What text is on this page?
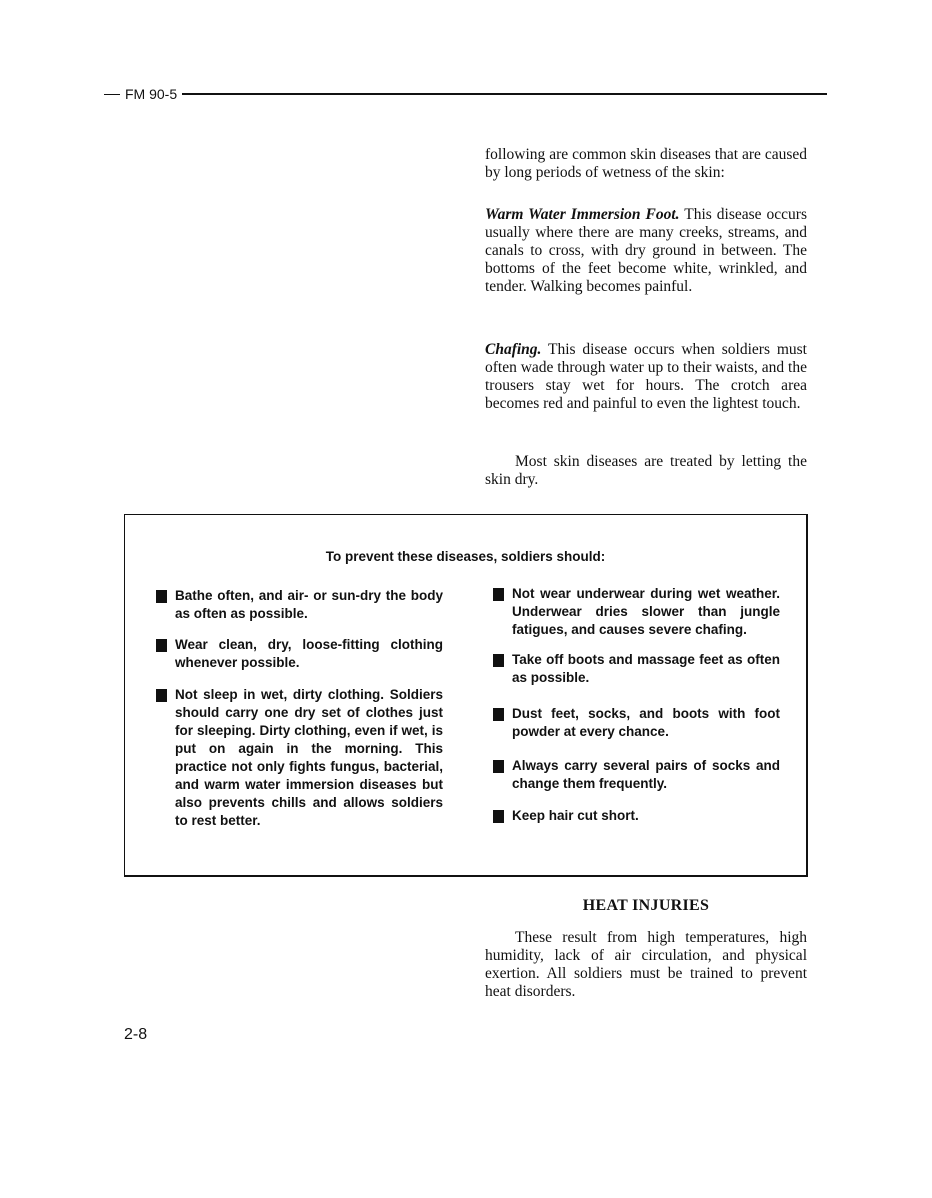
FM 90-5

following are common skin diseases that are caused by long periods of wetness of the skin:

Warm Water Immersion Foot. This disease occurs usually where there are many creeks, streams, and canals to cross, with dry ground in between. The bottoms of the feet become white, wrinkled, and tender. Walking becomes painful.

Chafing. This disease occurs when soldiers must often wade through water up to their waists, and the trousers stay wet for hours. The crotch area becomes red and painful to even the lightest touch.

Most skin diseases are treated by letting the skin dry.

To prevent these diseases, soldiers should:
Bathe often, and air- or sun-dry the body as often as possible.
Wear clean, dry, loose-fitting clothing whenever possible.
Not sleep in wet, dirty clothing. Soldiers should carry one dry set of clothes just for sleeping. Dirty clothing, even if wet, is put on again in the morning. This practice not only fights fungus, bacterial, and warm water immersion diseases but also prevents chills and allows soldiers to rest better.
Not wear underwear during wet weather. Underwear dries slower than jungle fatigues, and causes severe chafing.
Take off boots and massage feet as often as possible.
Dust feet, socks, and boots with foot powder at every chance.
Always carry several pairs of socks and change them frequently.
Keep hair cut short.
HEAT INJURIES

These result from high temperatures, high humidity, lack of air circulation, and physical exertion. All soldiers must be trained to prevent heat disorders.

2-8
